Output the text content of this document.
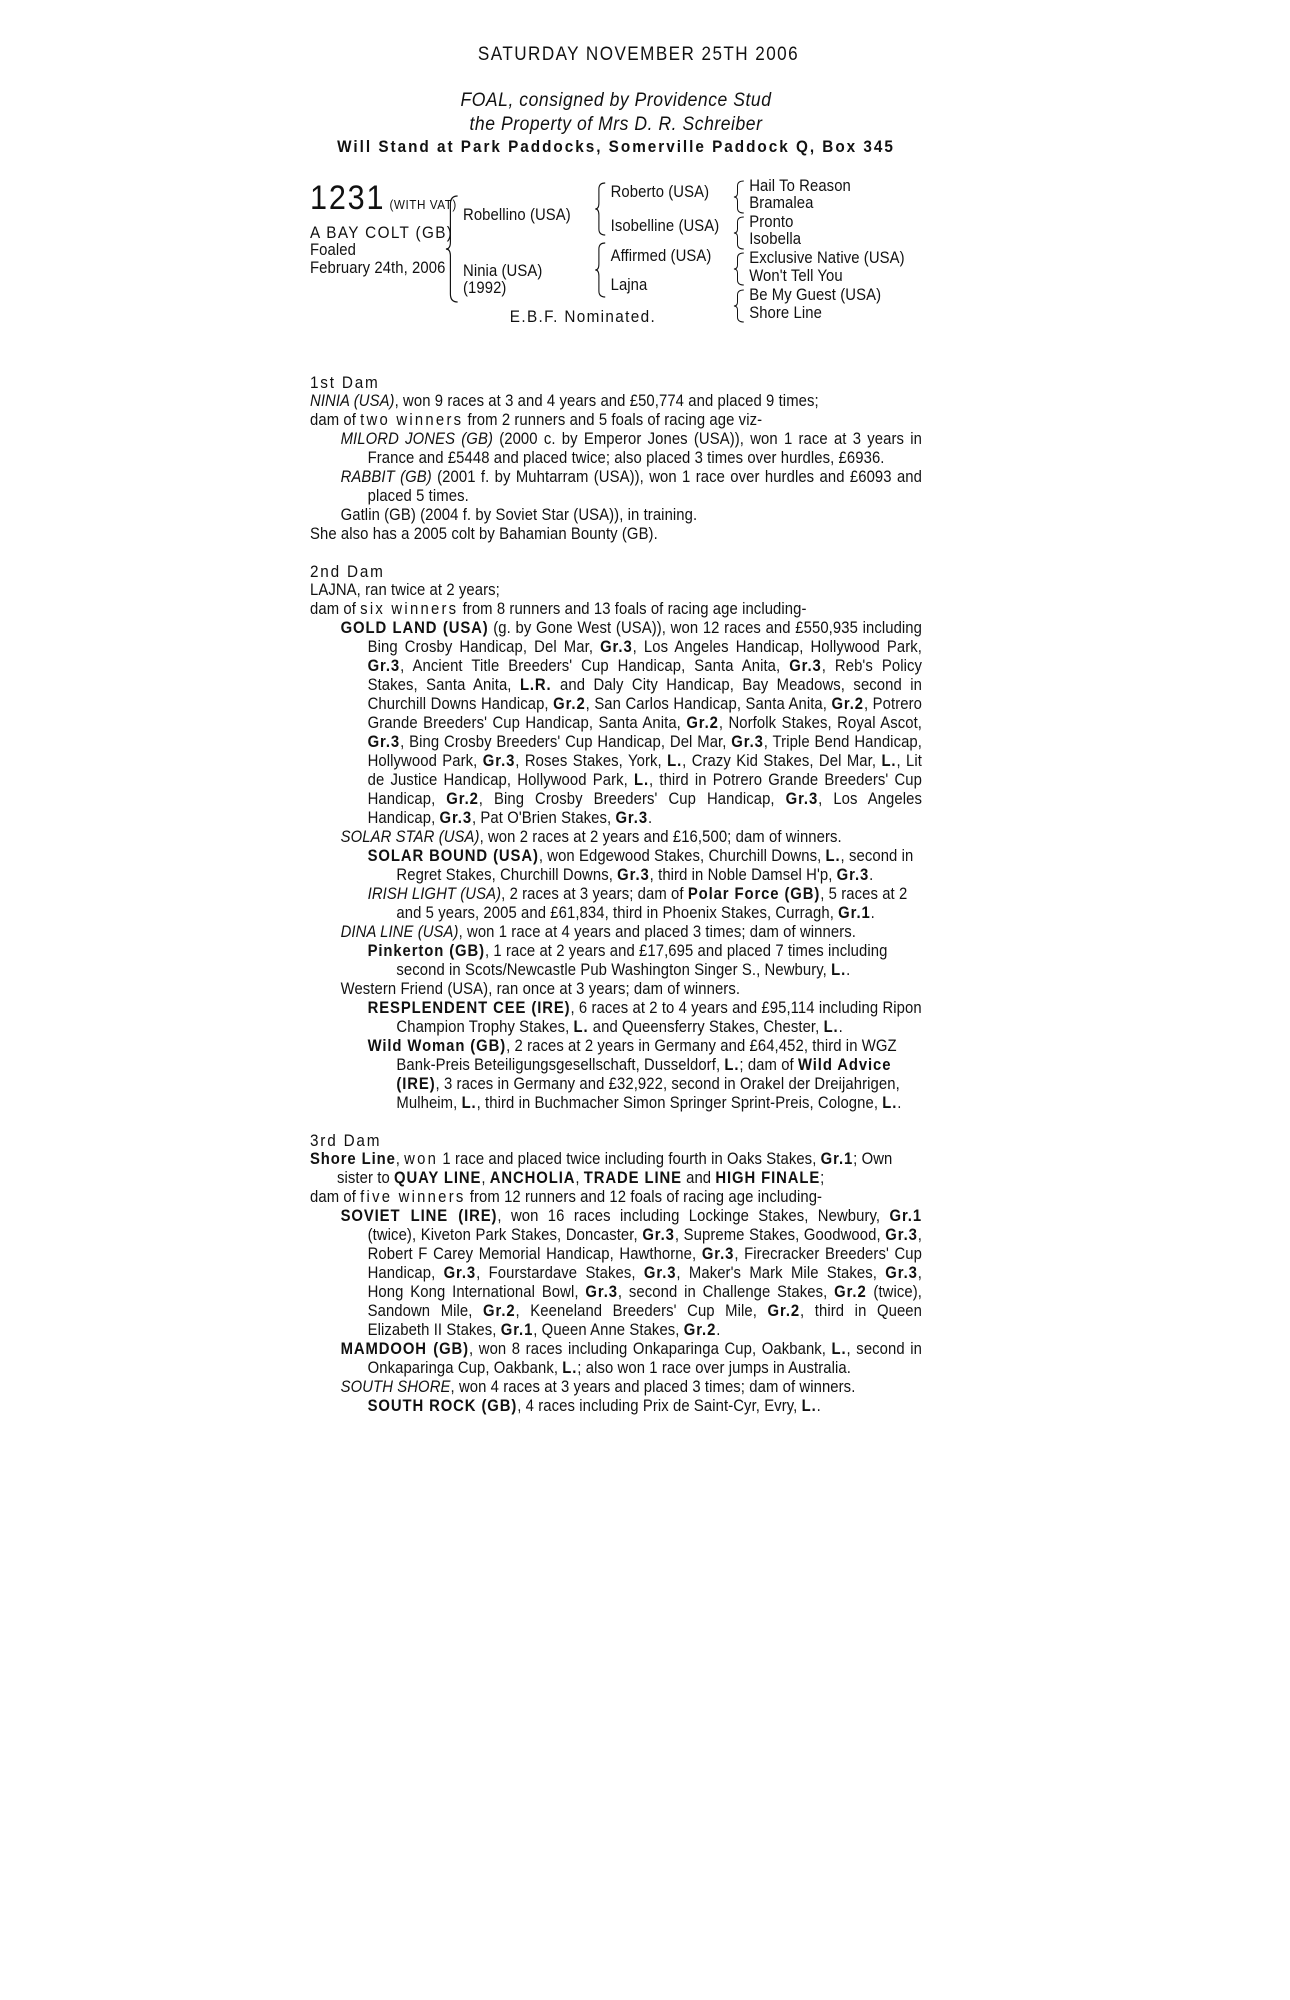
SATURDAY NOVEMBER 25TH 2006
FOAL, consigned by Providence Stud
the Property of Mrs D. R. Schreiber
Will Stand at Park Paddocks, Somerville Paddock Q, Box 345
1231 (WITH VAT)
A BAY COLT (GB)
Foaled
February 24th, 2006
Robellino (USA)
Ninia (USA)
(1992)
Roberto (USA)
Isobelline (USA)
Affirmed (USA)
Lajna
Hail To Reason
Bramalea
Pronto
Isobella
Exclusive Native (USA)
Won't Tell You
Be My Guest (USA)
Shore Line
E.B.F. Nominated.
1st Dam

NINIA (USA), won 9 races at 3 and 4 years and £50,774 and placed 9 times;

dam of two winners from 2 runners and 5 foals of racing age viz-

MILORD JONES (GB) (2000 c. by Emperor Jones (USA)), won 1 race at 3 years in France and £5448 and placed twice; also placed 3 times over hurdles, £6936.

RABBIT (GB) (2001 f. by Muhtarram (USA)), won 1 race over hurdles and £6093 and placed 5 times.

Gatlin (GB) (2004 f. by Soviet Star (USA)), in training.

She also has a 2005 colt by Bahamian Bounty (GB).

2nd Dam

LAJNA, ran twice at 2 years;

dam of six winners from 8 runners and 13 foals of racing age including-

GOLD LAND (USA) (g. by Gone West (USA)), won 12 races and £550,935 including Bing Crosby Handicap, Del Mar, Gr.3, Los Angeles Handicap, Hollywood Park, Gr.3, Ancient Title Breeders' Cup Handicap, Santa Anita, Gr.3, Reb's Policy Stakes, Santa Anita, L.R. and Daly City Handicap, Bay Meadows, second in Churchill Downs Handicap, Gr.2, San Carlos Handicap, Santa Anita, Gr.2, Potrero Grande Breeders' Cup Handicap, Santa Anita, Gr.2, Norfolk Stakes, Royal Ascot, Gr.3, Bing Crosby Breeders' Cup Handicap, Del Mar, Gr.3, Triple Bend Handicap, Hollywood Park, Gr.3, Roses Stakes, York, L., Crazy Kid Stakes, Del Mar, L., Lit de Justice Handicap, Hollywood Park, L., third in Potrero Grande Breeders' Cup Handicap, Gr.2, Bing Crosby Breeders' Cup Handicap, Gr.3, Los Angeles Handicap, Gr.3, Pat O'Brien Stakes, Gr.3.

SOLAR STAR (USA), won 2 races at 2 years and £16,500; dam of winners.

SOLAR BOUND (USA), won Edgewood Stakes, Churchill Downs, L., second in Regret Stakes, Churchill Downs, Gr.3, third in Noble Damsel H'p, Gr.3.

IRISH LIGHT (USA), 2 races at 3 years; dam of Polar Force (GB), 5 races at 2 and 5 years, 2005 and £61,834, third in Phoenix Stakes, Curragh, Gr.1.

DINA LINE (USA), won 1 race at 4 years and placed 3 times; dam of winners.

Pinkerton (GB), 1 race at 2 years and £17,695 and placed 7 times including second in Scots/Newcastle Pub Washington Singer S., Newbury, L..

Western Friend (USA), ran once at 3 years; dam of winners.

RESPLENDENT CEE (IRE), 6 races at 2 to 4 years and £95,114 including Ripon Champion Trophy Stakes, L. and Queensferry Stakes, Chester, L..

Wild Woman (GB), 2 races at 2 years in Germany and £64,452, third in WGZ Bank-Preis Beteiligungsgesellschaft, Dusseldorf, L.; dam of Wild Advice (IRE), 3 races in Germany and £32,922, second in Orakel der Dreijahrigen, Mulheim, L., third in Buchmacher Simon Springer Sprint-Preis, Cologne, L..

3rd Dam

Shore Line, won 1 race and placed twice including fourth in Oaks Stakes, Gr.1; Own sister to QUAY LINE, ANCHOLIA, TRADE LINE and HIGH FINALE;

dam of five winners from 12 runners and 12 foals of racing age including-

SOVIET LINE (IRE), won 16 races including Lockinge Stakes, Newbury, Gr.1 (twice), Kiveton Park Stakes, Doncaster, Gr.3, Supreme Stakes, Goodwood, Gr.3, Robert F Carey Memorial Handicap, Hawthorne, Gr.3, Firecracker Breeders' Cup Handicap, Gr.3, Fourstardave Stakes, Gr.3, Maker's Mark Mile Stakes, Gr.3, Hong Kong International Bowl, Gr.3, second in Challenge Stakes, Gr.2 (twice), Sandown Mile, Gr.2, Keeneland Breeders' Cup Mile, Gr.2, third in Queen Elizabeth II Stakes, Gr.1, Queen Anne Stakes, Gr.2.

MAMDOOH (GB), won 8 races including Onkaparinga Cup, Oakbank, L., second in Onkaparinga Cup, Oakbank, L.; also won 1 race over jumps in Australia.

SOUTH SHORE, won 4 races at 3 years and placed 3 times; dam of winners.

SOUTH ROCK (GB), 4 races including Prix de Saint-Cyr, Evry, L..
